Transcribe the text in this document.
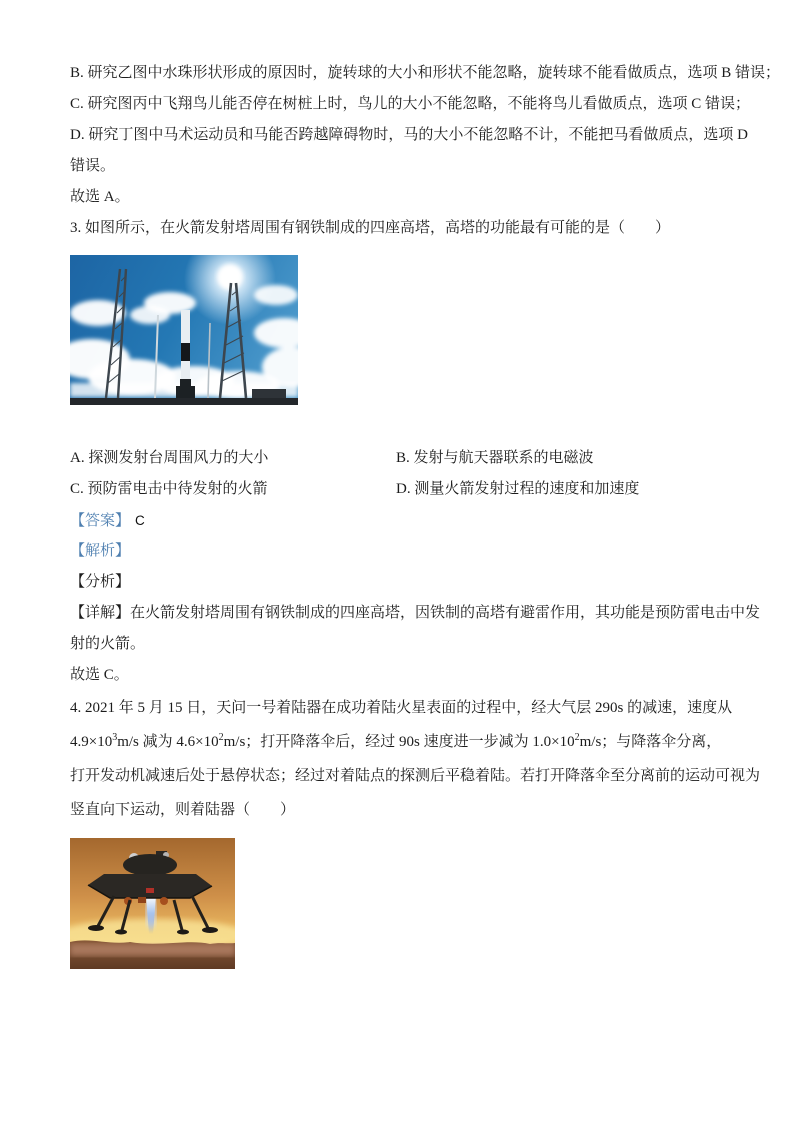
B. 研究乙图中水珠形状形成的原因时，旋转球的大小和形状不能忽略，旋转球不能看做质点，选项 B 错误；
C. 研究图丙中飞翔鸟儿能否停在树桩上时，鸟儿的大小不能忽略，不能将鸟儿看做质点，选项 C 错误；
D. 研究丁图中马术运动员和马能否跨越障碍物时，马的大小不能忽略不计，不能把马看做质点，选项 D
错误。
故选 A。
3. 如图所示，在火箭发射塔周围有钢铁制成的四座高塔，高塔的功能最有可能的是（　　）
A. 探测发射台周围风力的大小	B. 发射与航天器联系的电磁波
C. 预防雷电击中待发射的火箭	D. 测量火箭发射过程的速度和加速度
【答案】 C
【解析】
【分析】
【详解】在火箭发射塔周围有钢铁制成的四座高塔，因铁制的高塔有避雷作用，其功能是预防雷电击中发
射的火箭。
故选 C。
4. 2021 年 5 月 15 日，天问一号着陆器在成功着陆火星表面的过程中，经大气层 290s 的减速，速度从
$4.9\times 10^3m/s$ 减为 $4.6\times 10^2m/s$；打开降落伞后，经过 90s 速度进一步减为 $1.0\times 10^2m/s$；与降落伞分离，
打开发动机减速后处于悬停状态；经过对着陆点的探测后平稳着陆。若打开降落伞至分离前的运动可视为
竖直向下运动，则着陆器（　　）
